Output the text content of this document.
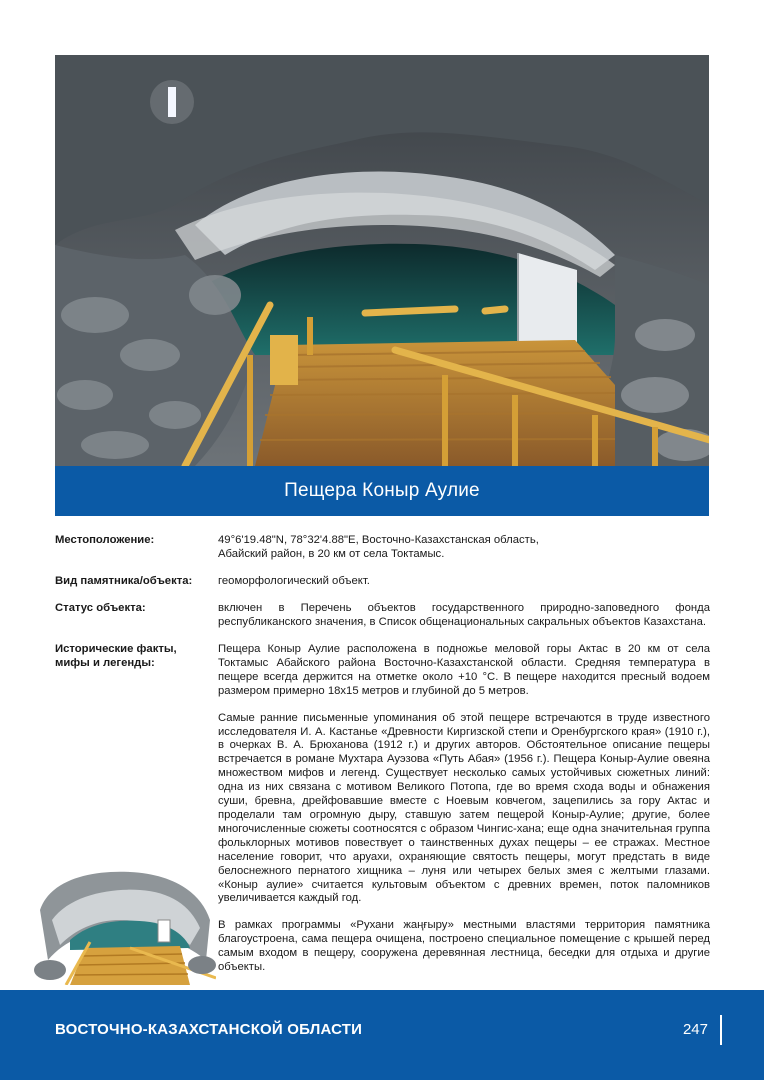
Пещера Коныр Аулие
Местоположение:	49°6'19.48"N, 78°32'4.88"E, Восточно-Казахстанская область,
Абайский район, в 20 км от села Токтамыс.
Вид памятника/объекта:	геоморфологический объект.
Статус объекта:	включен в Перечень объектов государственного природно-заповедного фонда республиканского значения, в Список общенациональных сакральных объектов Казахстана.

Исторические факты,
мифы и легенды:

Пещера Коныр Аулие расположена в подножье меловой горы Актас в 20 км от села Токтамыс Абайского района Восточно-Казахстанской области. Средняя температура в пещере всегда держится на отметке около +10 °С. В пещере находится пресный водоем размером примерно 18х15 метров и глубиной до 5 метров.

Самые ранние письменные упоминания об этой пещере встречаются в труде известного исследователя И. А. Кастанье «Древности Киргизской степи и Оренбургского края» (1910 г.), в очерках В. А. Брюханова (1912 г.) и других авторов. Обстоятельное описание пещеры встречается в романе Мухтара Ауэзова «Путь Абая» (1956 г.). Пещера Коныр-Аулие овеяна множеством мифов и легенд. Существует несколько самых устойчивых сюжетных линий: одна из них связана с мотивом Великого Потопа, где во время схода воды и обнажения суши, бревна, дрейфовавшие вместе с Ноевым ковчегом, зацепились за гору Актас и проделали там огромную дыру, ставшую затем пещерой Коныр-Аулие; другие, более многочисленные сюжеты соотносятся с образом Чингис-хана; еще одна значительная группа фольклорных мотивов повествует о таинственных духах пещеры – ее стражах. Местное население говорит, что аруахи, охраняющие святость пещеры, могут предстать в виде белоснежного пернатого хищника – луня или четырех белых змея с желтыми глазами. «Коныр аулие» считается культовым объектом с древних времен, поток паломников увеличивается каждый год.

В рамках программы «Рухани жаңғыру» местными властями территория памятника благоустроена, сама пещера очищена, построено специальное помещение с крышей перед самым входом в пещеру, сооружена деревянная лестница, беседки для отдыха и другие объекты.

ВОСТОЧНО-КАЗАХСТАНСКОЙ ОБЛАСТИ	247
